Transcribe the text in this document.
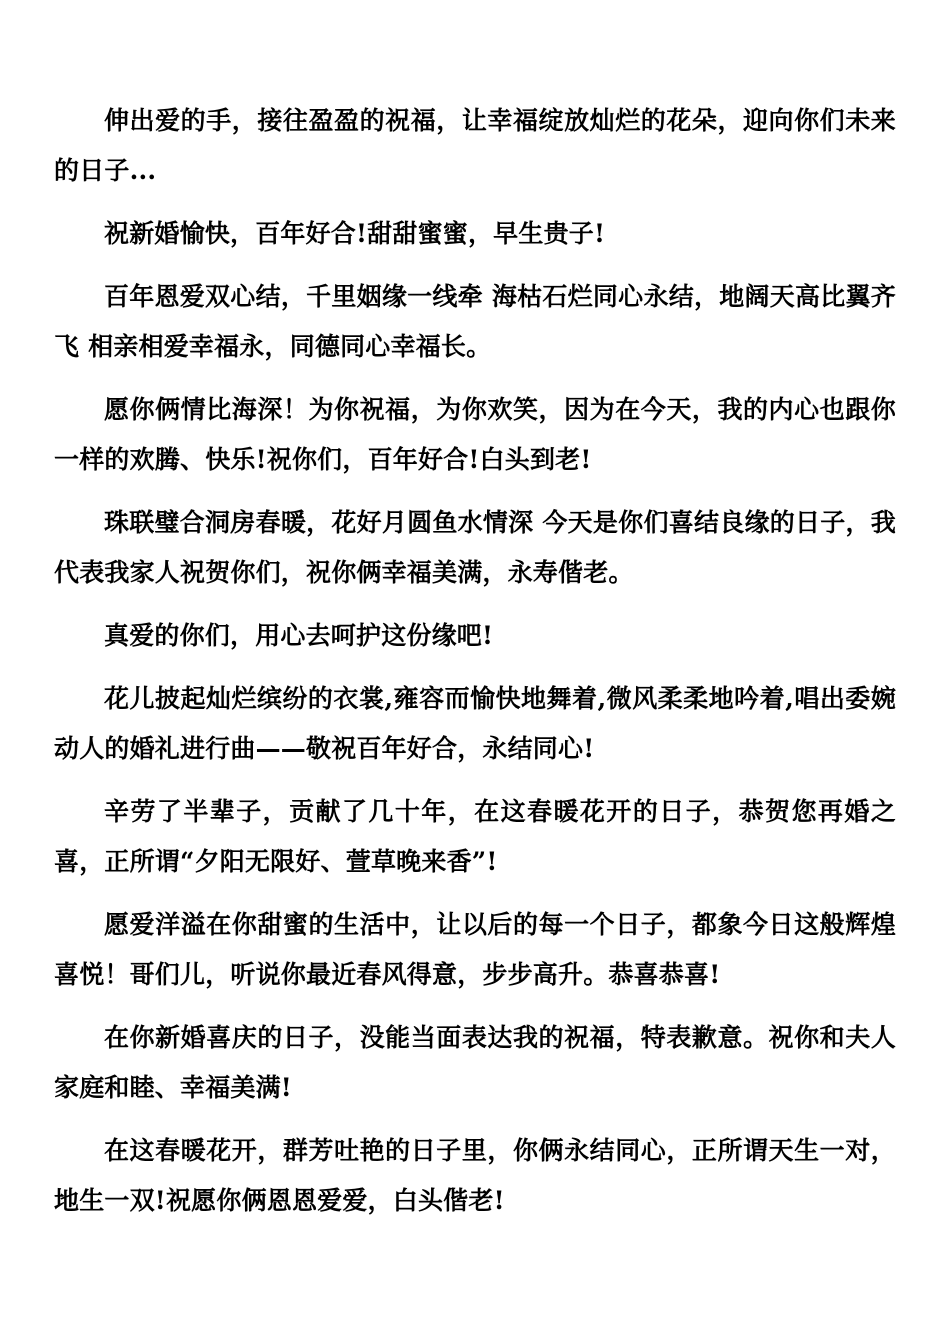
伸出爱的手，接往盈盈的祝福，让幸福绽放灿烂的花朵，迎向你们未来的日子...

祝新婚愉快，百年好合!甜甜蜜蜜，早生贵子!

百年恩爱双心结，千里姻缘一线牵 海枯石烂同心永结，地阔天高比翼齐飞 相亲相爱幸福永，同德同心幸福长。

愿你俩情比海深！为你祝福，为你欢笑，因为在今天，我的内心也跟你一样的欢腾、快乐!祝你们，百年好合!白头到老!

珠联璧合洞房春暖，花好月圆鱼水情深 今天是你们喜结良缘的日子，我代表我家人祝贺你们，祝你俩幸福美满，永寿偕老。

真爱的你们，用心去呵护这份缘吧!

花儿披起灿烂缤纷的衣裳,雍容而愉快地舞着,微风柔柔地吟着,唱出委婉动人的婚礼进行曲——敬祝百年好合，永结同心!

辛劳了半辈子，贡献了几十年，在这春暖花开的日子，恭贺您再婚之喜，正所谓“夕阳无限好、萱草晚来香”!

愿爱洋溢在你甜蜜的生活中，让以后的每一个日子，都象今日这般辉煌喜悦！哥们儿，听说你最近春风得意，步步高升。恭喜恭喜!

在你新婚喜庆的日子，没能当面表达我的祝福，特表歉意。祝你和夫人家庭和睦、幸福美满!

在这春暖花开，群芳吐艳的日子里，你俩永结同心，正所谓天生一对，地生一双!祝愿你俩恩恩爱爱，白头偕老!
